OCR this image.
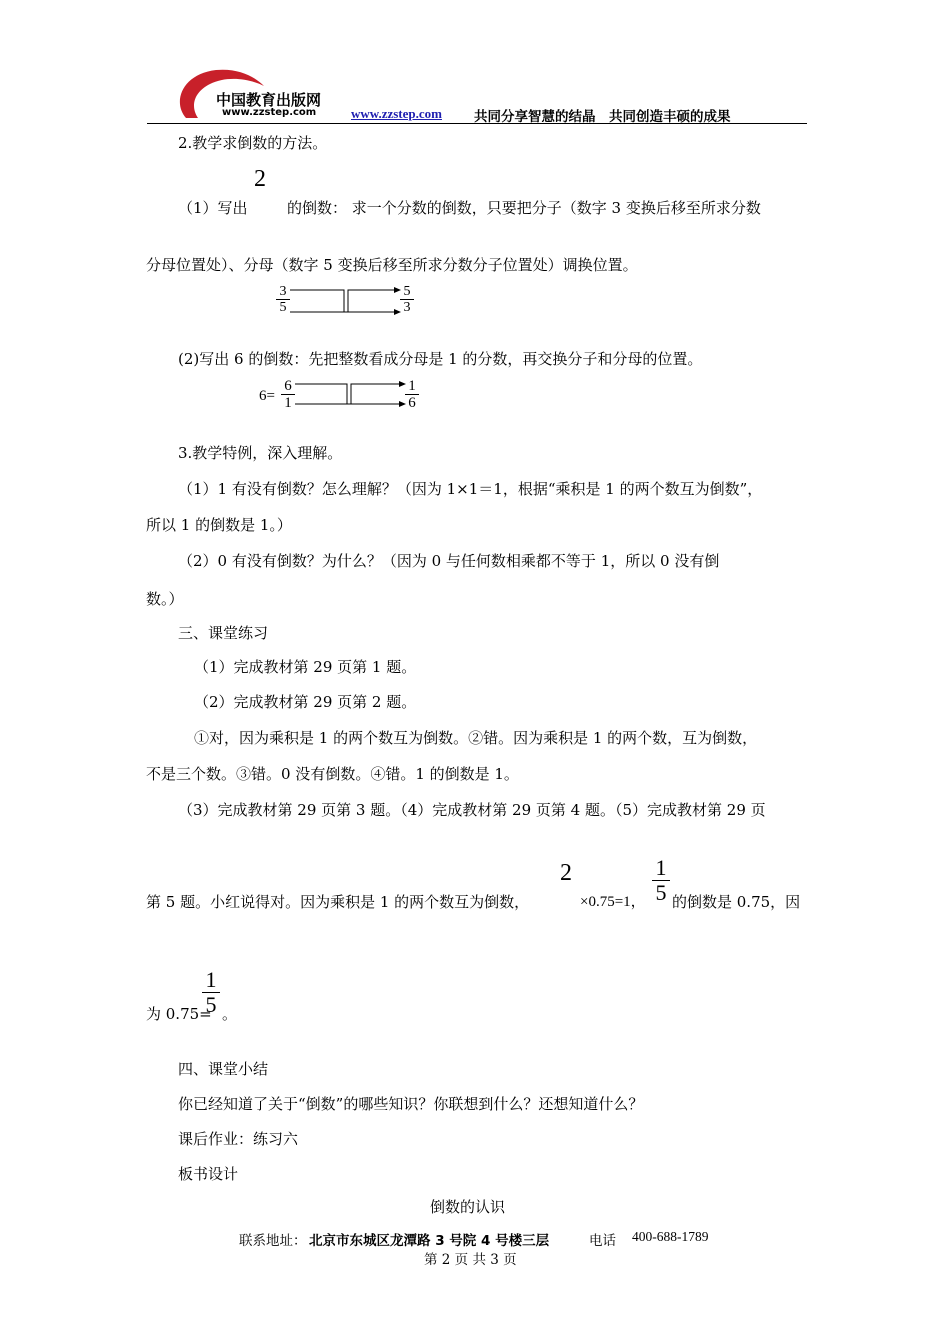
中国教育出版网
www.zzstep.com	www.zzstep.com 共同分享智慧的结晶　共同创造丰硕的成果
2.教学求倒数的方法。
2
（1）写出	的倒数： 求一个分数的倒数，只要把分子（数字 3 变换后移至所求分数
分母位置处）、分母（数字 5 变换后移至所求分数分子位置处）调换位置。
$\frac{3}{5}$	$\frac{5}{3}$
(2)写出 6 的倒数：先把整数看成分母是 1 的分数，再交换分子和分母的位置。
$6= \frac{6}{1}$	$\frac{1}{6}$
3.教学特例，深入理解。
（1）1 有没有倒数？怎么理解？（因为 1×1＝1，根据“乘积是 1 的两个数互为倒数”，
所以 1 的倒数是 1。）
（2）0 有没有倒数？为什么？（因为 0 与任何数相乘都不等于 1，所以 0 没有倒
数。）
三、课堂练习
（1）完成教材第 29 页第 1 题。
（2）完成教材第 29 页第 2 题。
①对，因为乘积是 1 的两个数互为倒数。②错。因为乘积是 1 的两个数，互为倒数，
不是三个数。③错。0 没有倒数。④错。1 的倒数是 1。
（3）完成教材第 29 页第 3 题。（4）完成教材第 29 页第 4 题。（5）完成教材第 29 页
第 5 题。小红说得对。因为乘积是 1 的两个数互为倒数，
2
×0.75=1， $\frac{1}{5}$ 的倒数是 0.75，因
为 0.75=
$\frac{1}{5}$ 。
四、课堂小结
你已经知道了关于“倒数”的哪些知识？你联想到什么？还想知道什么？
课后作业：练习六
板书设计
倒数的认识
联系地址： 北京市东城区龙潭路 3 号院 4 号楼三层	电话 400-688-1789
第 2 页 共 3 页
